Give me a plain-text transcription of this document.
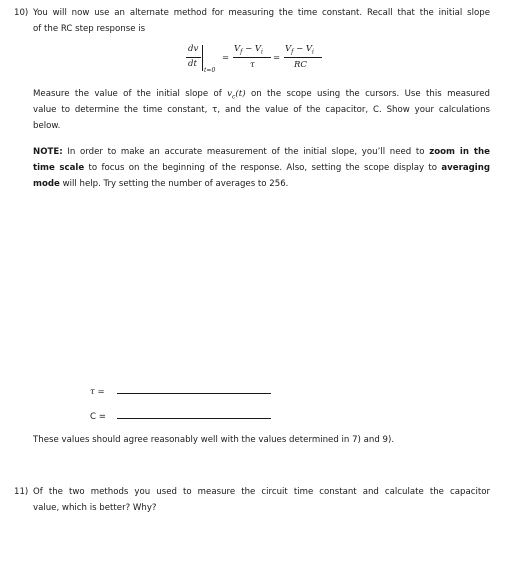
10) You will now use an alternate method for measuring the time constant. Recall that the initial slope
of the RC step response is
dv
dt
t=0
=
$V_f - V_i$
τ
=
$V_f - V_i$
RC
Measure the value of the initial slope of $v_c(t)$ on the scope using the cursors. Use this measured
value to determine the time constant, τ, and the value of the capacitor, C. Show your calculations
below.
NOTE: In order to make an accurate measurement of the initial slope, you’ll need to zoom in the
time scale to focus on the beginning of the response. Also, setting the scope display to averaging
mode will help. Try setting the number of averages to 256.
τ =
C =
These values should agree reasonably well with the values determined in 7) and 9).
11) Of the two methods you used to measure the circuit time constant and calculate the capacitor
value, which is better? Why?
